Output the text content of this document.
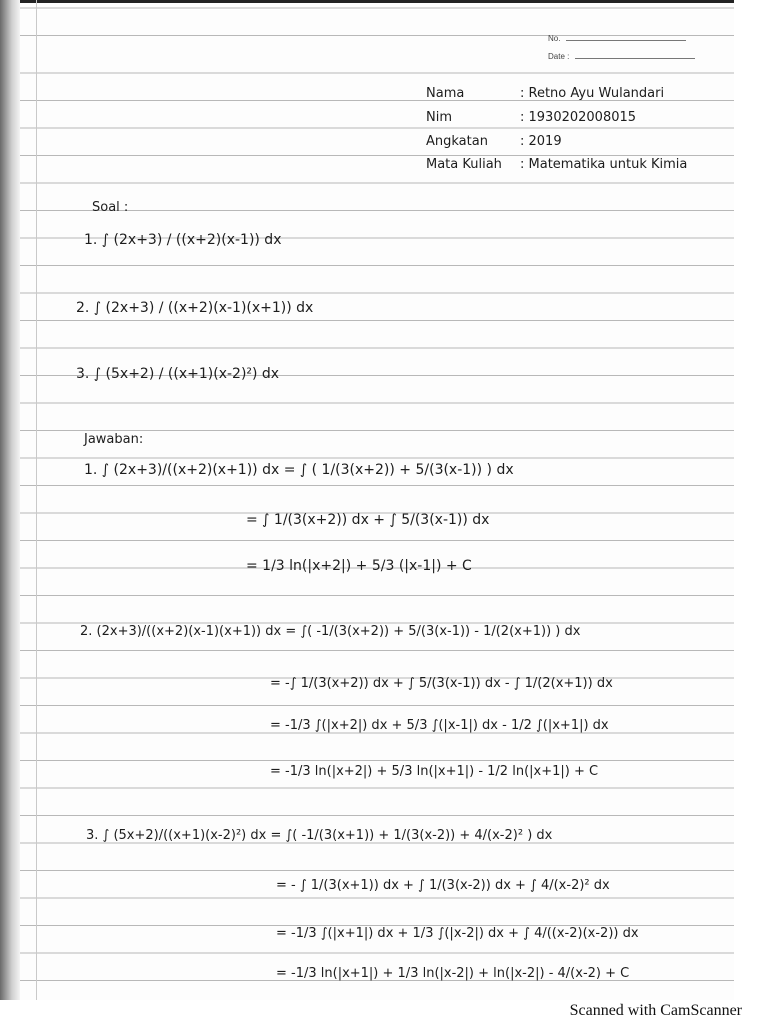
No.
Date :
Nama	: Retno Ayu Wulandari
Nim	: 1930202008015
Angkatan : 2019
Mata Kuliah : Matematika untuk Kimia
Soal :
1. ∫ (2x+3) / ((x+2)(x-1)) dx
2. ∫ (2x+3) / ((x+2)(x-1)(x+1)) dx
3. ∫ (5x+2) / ((x+1)(x-2)²) dx
Jawaban:
1. ∫ (2x+3)/((x+2)(x+1)) dx = ∫ ( 1/(3(x+2)) + 5/(3(x-1)) ) dx
= ∫ 1/(3(x+2)) dx + ∫ 5/(3(x-1)) dx
= 1/3 ln(|x+2|) + 5/3 (|x-1|) + C
2. (2x+3)/((x+2)(x-1)(x+1)) dx = ∫( -1/(3(x+2)) + 5/(3(x-1)) - 1/(2(x+1)) ) dx
= -∫ 1/(3(x+2)) dx + ∫ 5/(3(x-1)) dx - ∫ 1/(2(x+1)) dx
= -1/3 ∫(|x+2|) dx + 5/3 ∫(|x-1|) dx - 1/2 ∫(|x+1|) dx
= -1/3 ln(|x+2|) + 5/3 ln(|x+1|) - 1/2 ln(|x+1|) + C
3. ∫ (5x+2)/((x+1)(x-2)²) dx = ∫( -1/(3(x+1)) + 1/(3(x-2)) + 4/(x-2)² ) dx
= - ∫ 1/(3(x+1)) dx + ∫ 1/(3(x-2)) dx + ∫ 4/(x-2)² dx
= -1/3 ∫(|x+1|) dx + 1/3 ∫(|x-2|) dx + ∫ 4/((x-2)(x-2)) dx
= -1/3 ln(|x+1|) + 1/3 ln(|x-2|) + ln(|x-2|) - 4/(x-2) + C
Scanned with CamScanner
